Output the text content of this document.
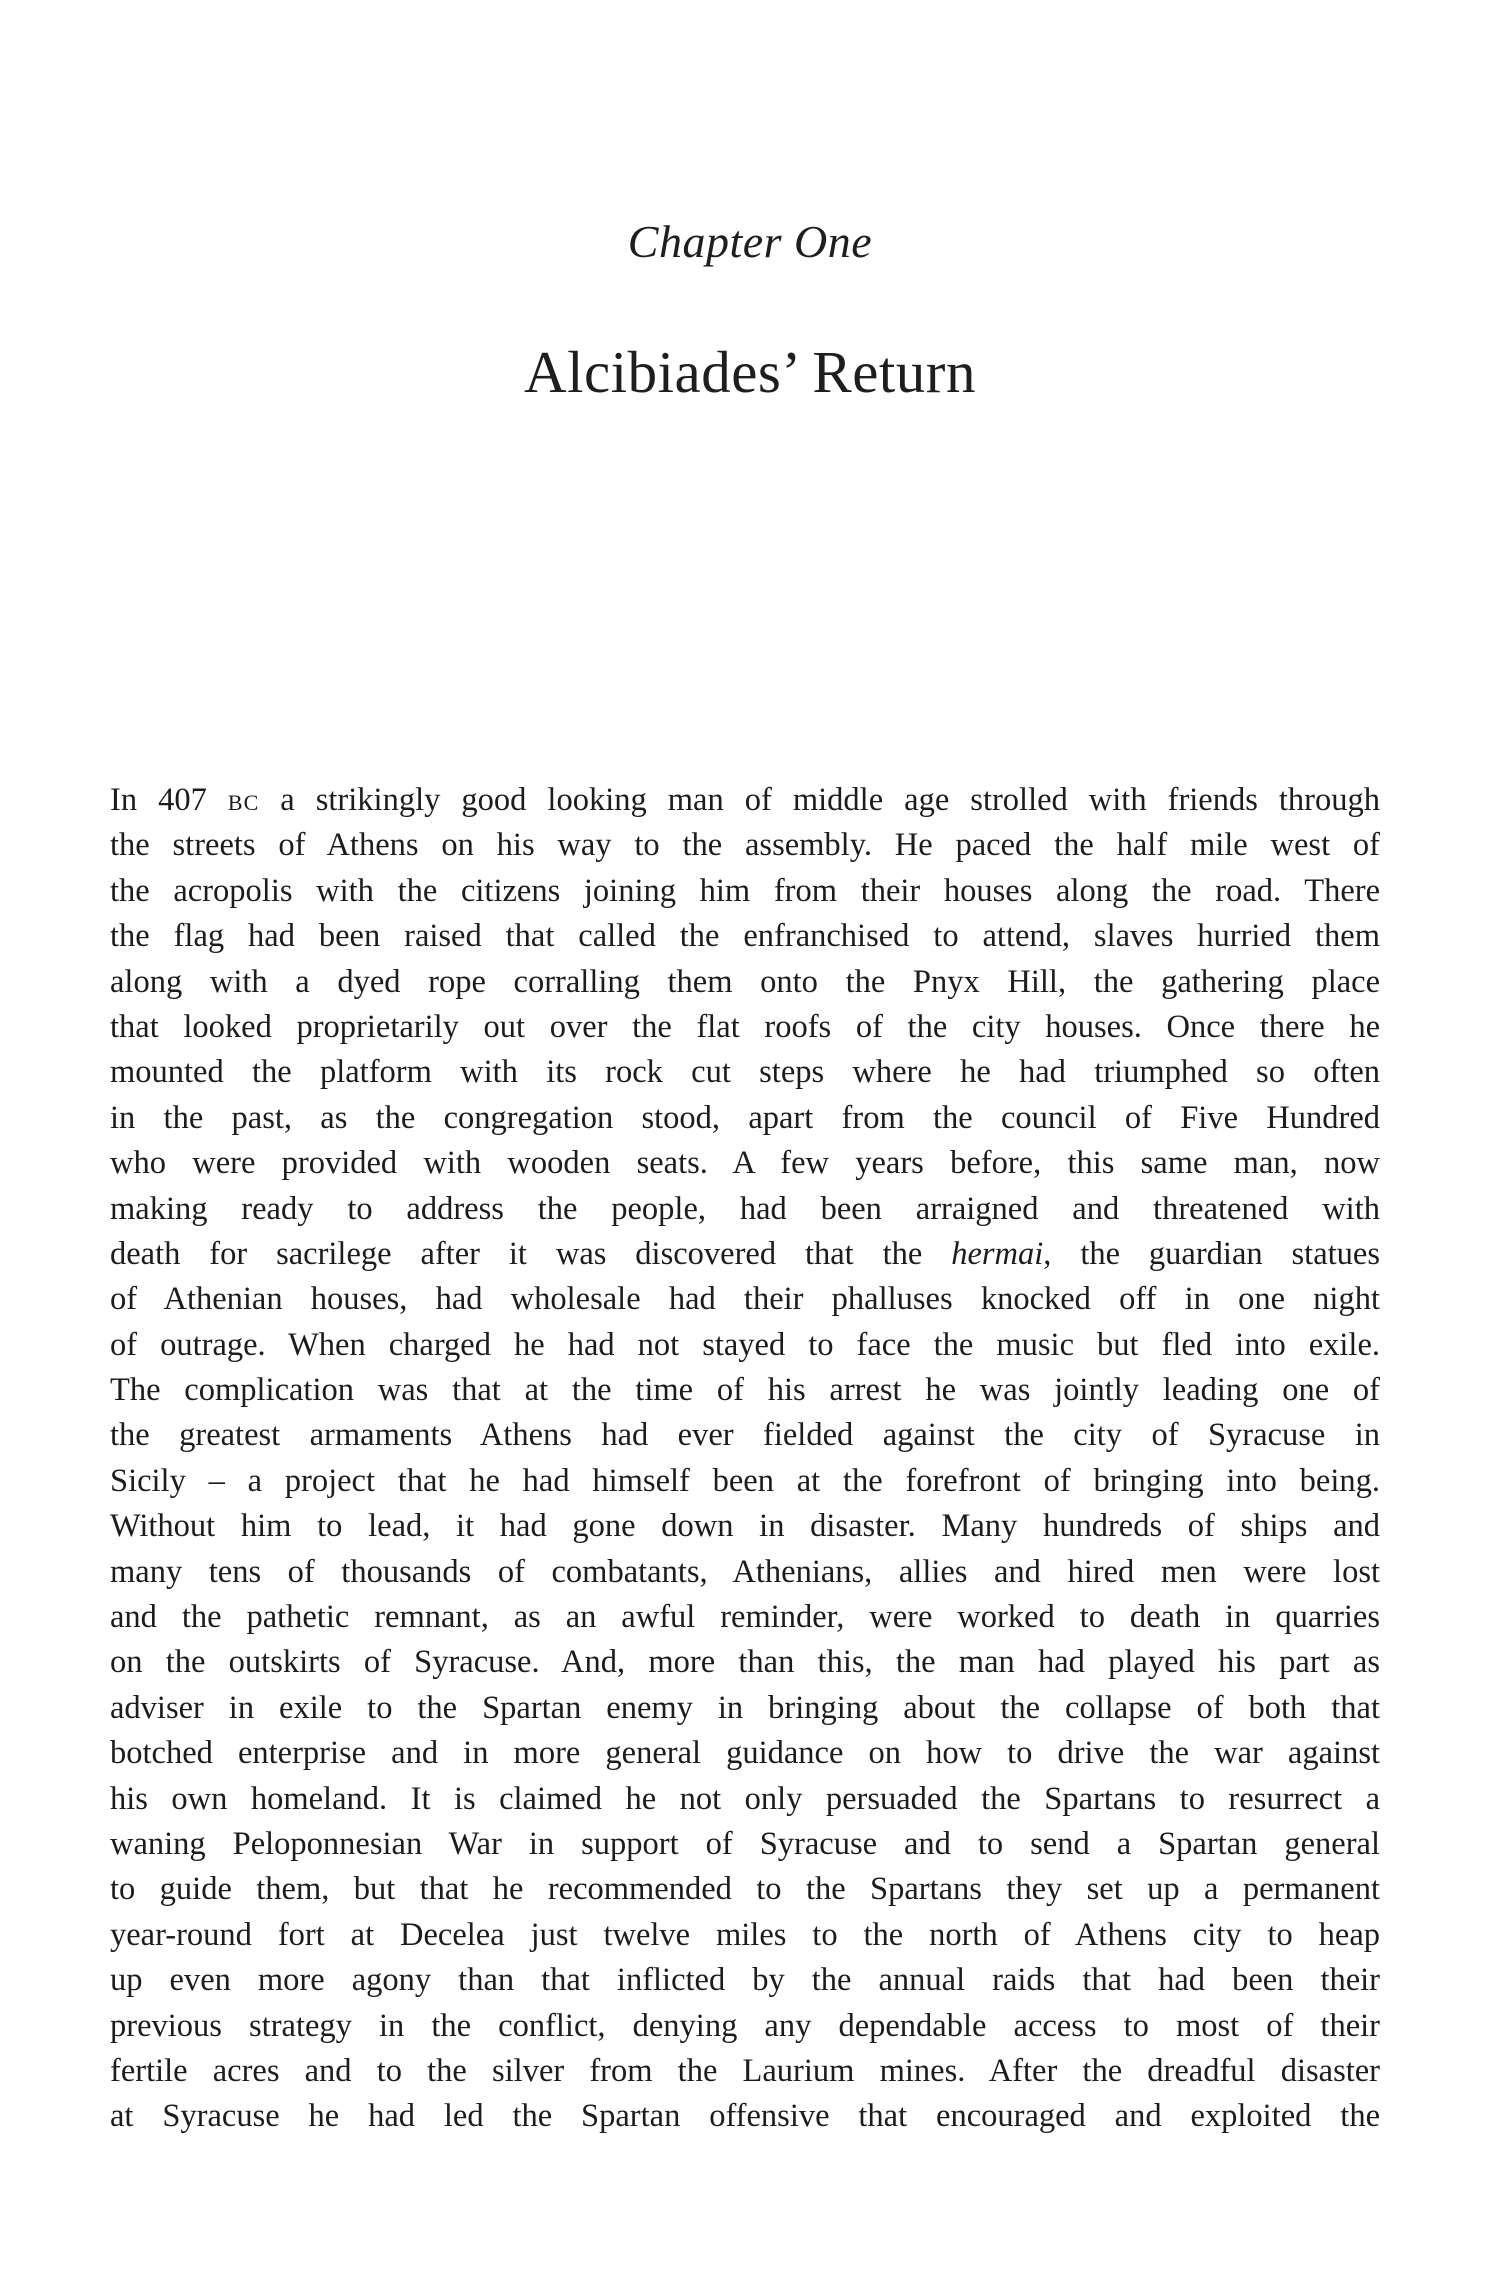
Chapter One
Alcibiades’ Return
In 407 BC a strikingly good looking man of middle age strolled with friends through
the streets of Athens on his way to the assembly. He paced the half mile west of
the acropolis with the citizens joining him from their houses along the road. There
the flag had been raised that called the enfranchised to attend, slaves hurried them
along with a dyed rope corralling them onto the Pnyx Hill, the gathering place
that looked proprietarily out over the flat roofs of the city houses. Once there he
mounted the platform with its rock cut steps where he had triumphed so often
in the past, as the congregation stood, apart from the council of Five Hundred
who were provided with wooden seats. A few years before, this same man, now
making ready to address the people, had been arraigned and threatened with
death for sacrilege after it was discovered that the hermai, the guardian statues
of Athenian houses, had wholesale had their phalluses knocked off in one night
of outrage. When charged he had not stayed to face the music but fled into exile.
The complication was that at the time of his arrest he was jointly leading one of
the greatest armaments Athens had ever fielded against the city of Syracuse in
Sicily – a project that he had himself been at the forefront of bringing into being.
Without him to lead, it had gone down in disaster. Many hundreds of ships and
many tens of thousands of combatants, Athenians, allies and hired men were lost
and the pathetic remnant, as an awful reminder, were worked to death in quarries
on the outskirts of Syracuse. And, more than this, the man had played his part as
adviser in exile to the Spartan enemy in bringing about the collapse of both that
botched enterprise and in more general guidance on how to drive the war against
his own homeland. It is claimed he not only persuaded the Spartans to resurrect a
waning Peloponnesian War in support of Syracuse and to send a Spartan general
to guide them, but that he recommended to the Spartans they set up a permanent
year-round fort at Decelea just twelve miles to the north of Athens city to heap
up even more agony than that inflicted by the annual raids that had been their
previous strategy in the conflict, denying any dependable access to most of their
fertile acres and to the silver from the Laurium mines. After the dreadful disaster
at Syracuse he had led the Spartan offensive that encouraged and exploited the
